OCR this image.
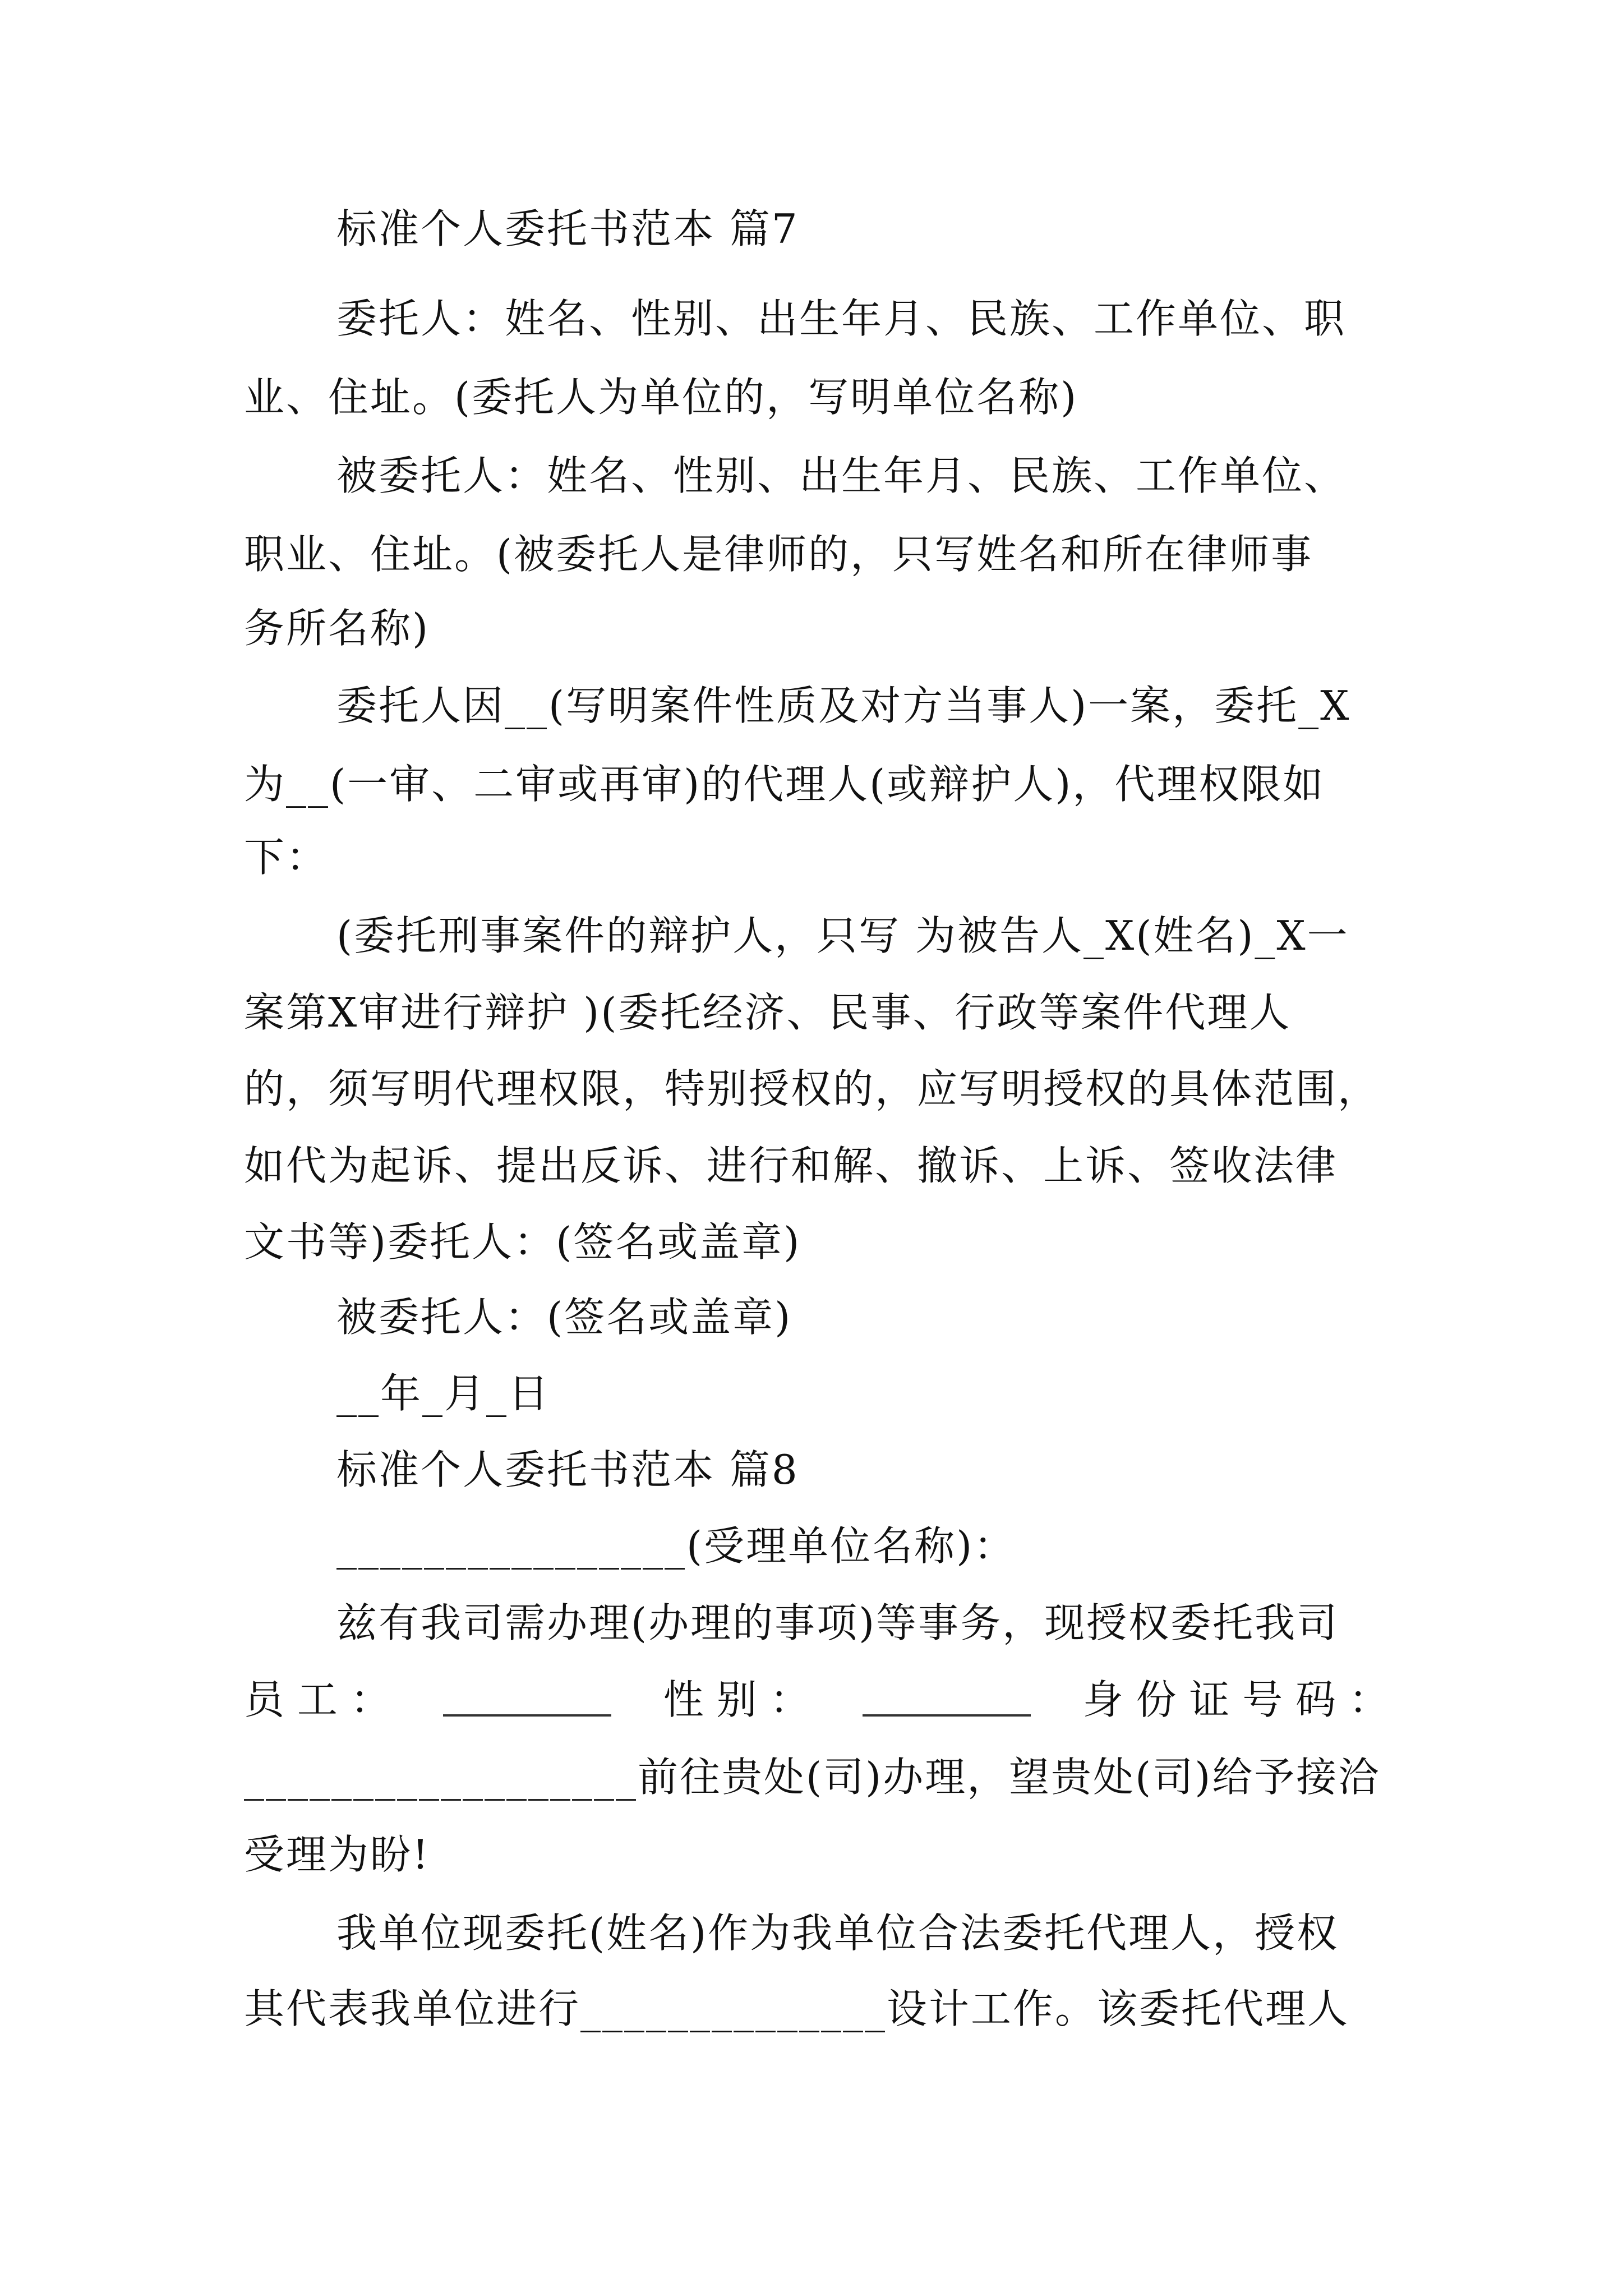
标准个人委托书范本 篇7

委托人：姓名、性别、出生年月、民族、工作单位、职

业、住址。(委托人为单位的，写明单位名称)

被委托人：姓名、性别、出生年月、民族、工作单位、

职业、住址。(被委托人是律师的，只写姓名和所在律师事

务所名称)

委托人因__(写明案件性质及对方当事人)一案，委托_X

为__(一审、二审或再审)的代理人(或辩护人)，代理权限如

下：

(委托刑事案件的辩护人，只写 为被告人_X(姓名)_X一

案第X审进行辩护 )(委托经济、民事、行政等案件代理人

的，须写明代理权限，特别授权的，应写明授权的具体范围，

如代为起诉、提出反诉、进行和解、撤诉、上诉、签收法律

文书等)委托人：(签名或盖章)

被委托人：(签名或盖章)

__年_月_日

标准个人委托书范本 篇8

________________(受理单位名称)：

兹有我司需办理(办理的事项)等事务，现授权委托我司

员 工 ：	性 别 ：	身 份 证 号 码 ：

__________________前往贵处(司)办理，望贵处(司)给予接洽

受理为盼!

我单位现委托(姓名)作为我单位合法委托代理人，授权

其代表我单位进行______________设计工作。该委托代理人
